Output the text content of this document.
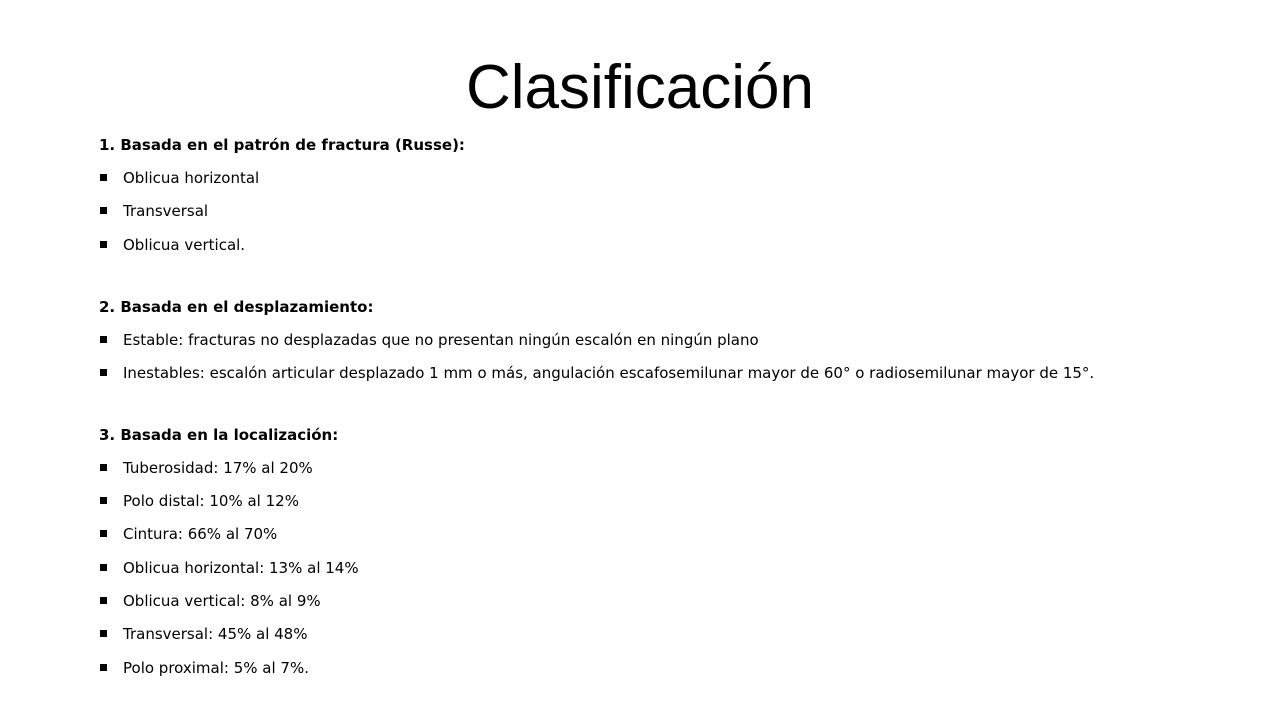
Clasificación
1. Basada en el patrón de fractura (Russe):
Oblicua horizontal
Transversal
Oblicua vertical.
2. Basada en el desplazamiento:
Estable: fracturas no desplazadas que no presentan ningún escalón en ningún plano
Inestables: escalón articular desplazado 1 mm o más, angulación escafosemilunar mayor de 60° o radiosemilunar mayor de 15°.
3. Basada en la localización:
Tuberosidad: 17% al 20%
Polo distal: 10% al 12%
Cintura: 66% al 70%
Oblicua horizontal: 13% al 14%
Oblicua vertical: 8% al 9%
Transversal: 45% al 48%
Polo proximal: 5% al 7%.
